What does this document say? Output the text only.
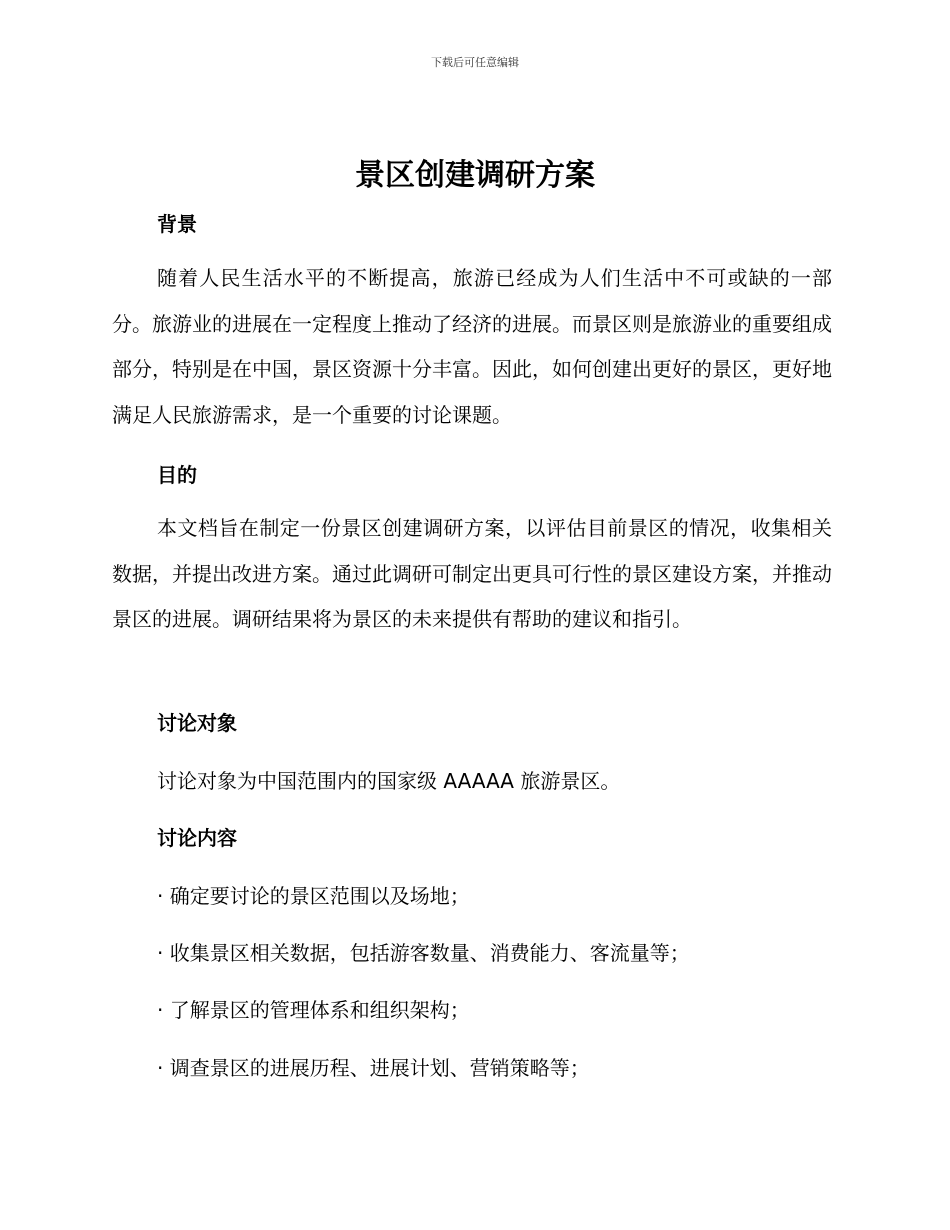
下载后可任意编辑
景区创建调研方案
背景

随着人民生活水平的不断提高，旅游已经成为人们生活中不可或缺的一部分。旅游业的进展在一定程度上推动了经济的进展。而景区则是旅游业的重要组成部分，特别是在中国，景区资源十分丰富。因此，如何创建出更好的景区，更好地满足人民旅游需求，是一个重要的讨论课题。

目的

本文档旨在制定一份景区创建调研方案，以评估目前景区的情况，收集相关数据，并提出改进方案。通过此调研可制定出更具可行性的景区建设方案，并推动景区的进展。调研结果将为景区的未来提供有帮助的建议和指引。

讨论对象
讨论对象为中国范围内的国家级 AAAAA 旅游景区。
讨论内容
· 确定要讨论的景区范围以及场地；
· 收集景区相关数据，包括游客数量、消费能力、客流量等；
· 了解景区的管理体系和组织架构；
· 调查景区的进展历程、进展计划、营销策略等；
